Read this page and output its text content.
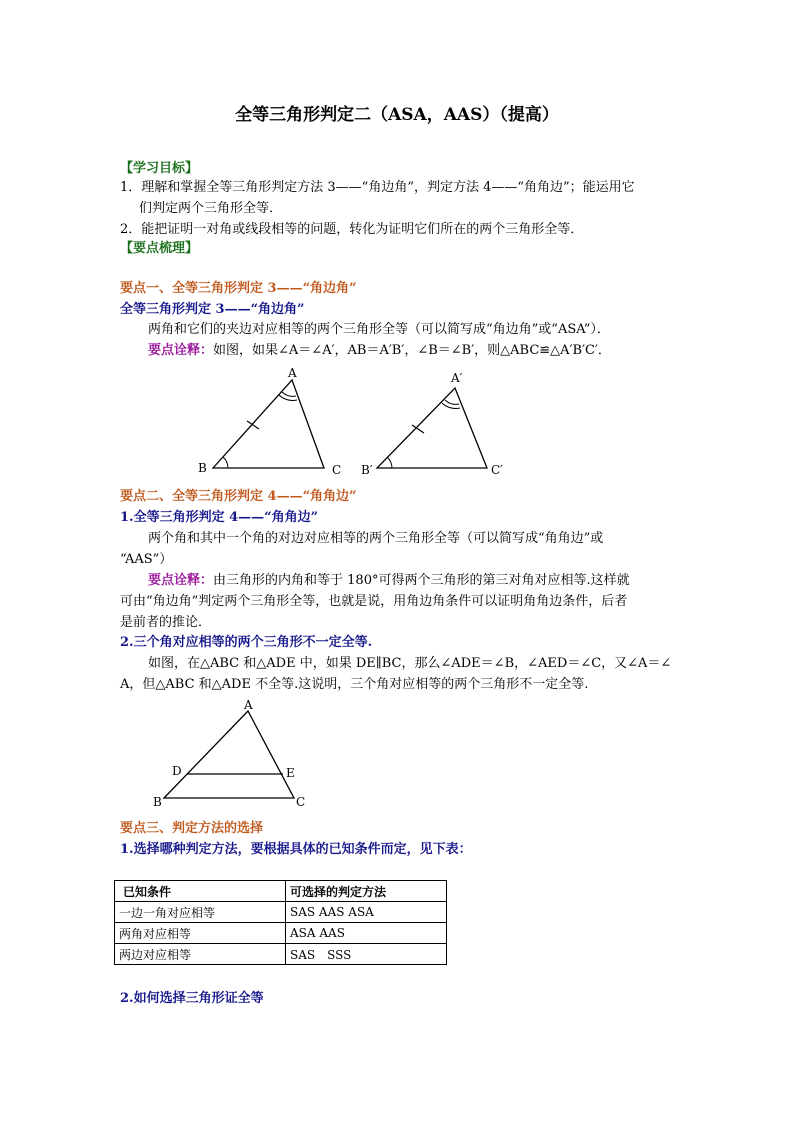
全等三角形判定二（ASA，AAS）（提高）
【学习目标】
1．理解和掌握全等三角形判定方法 3——“角边角”，判定方法 4——“角角边”；能运用它
们判定两个三角形全等．
2．能把证明一对角或线段相等的问题，转化为证明它们所在的两个三角形全等．
【要点梳理】
要点一、全等三角形判定 3——“角边角”
全等三角形判定 3——“角边角”
两角和它们的夹边对应相等的两个三角形全等（可以简写成“角边角”或“ASA”）．
要点诠释：如图，如果∠A＝∠A′，AB＝A′B′，∠B＝∠B′，则△ABC≌△A′B′C′．
A
B	C
A′
B′	C′
要点二、全等三角形判定 4——“角角边”
1.全等三角形判定 4——“角角边”
两个角和其中一个角的对边对应相等的两个三角形全等（可以简写成“角角边”或
“AAS”）
要点诠释：由三角形的内角和等于 180°可得两个三角形的第三对角对应相等.这样就
可由“角边角”判定两个三角形全等，也就是说，用角边角条件可以证明角角边条件，后者
是前者的推论．
2.三个角对应相等的两个三角形不一定全等.
如图，在△ABC 和△ADE 中，如果 DE∥BC，那么∠ADE＝∠B，∠AED＝∠C，又∠A＝∠
A，但△ABC 和△ADE 不全等.这说明，三个角对应相等的两个三角形不一定全等.
A
D	E
B	C
要点三、判定方法的选择
1.选择哪种判定方法，要根据具体的已知条件而定，见下表：
已知条件	可选择的判定方法
一边一角对应相等	SAS AAS ASA
两角对应相等	ASA AAS
两边对应相等	SAS　SSS
2.如何选择三角形证全等
